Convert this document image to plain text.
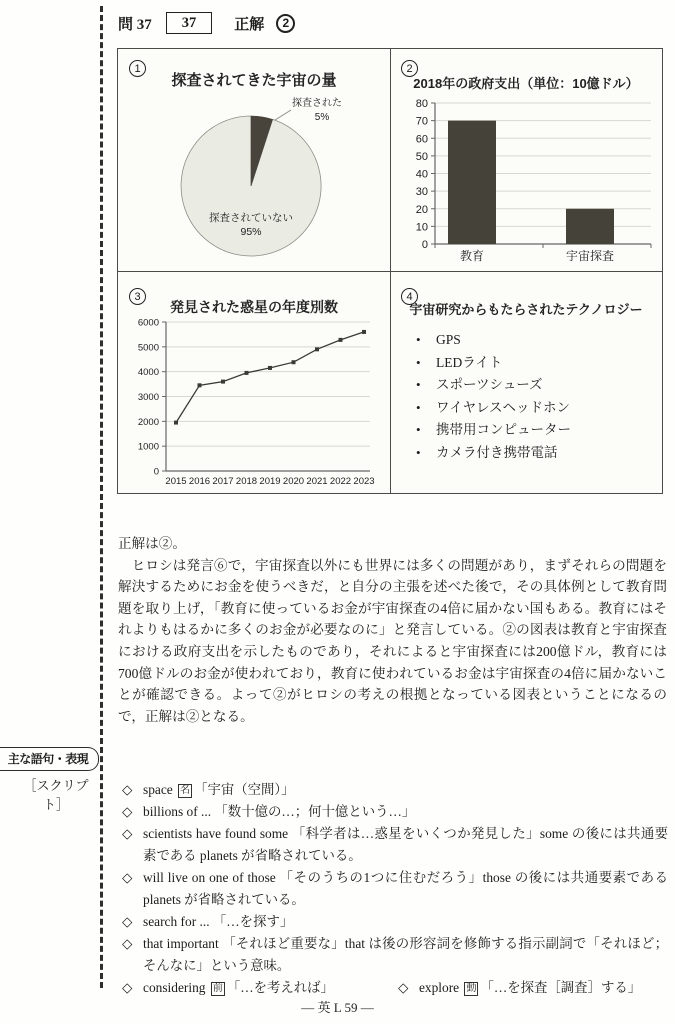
問 37	37	正解	2
1
探査されてきた宇宙の量
探査された
5%
探査されていない
95%
2
2018年の政府支出（単位：10億ドル）
0
10
20
30
40
50
60
70
80
教育	宇宙探査
3
発見された惑星の年度別数
0
1000
2000
3000
4000
5000
6000
2015 2016 2017 2018 2019 2020 2021 2022 2023
4
宇宙研究からもたらされたテクノロジー
• GPS
• LEDライト
• スポーツシューズ
• ワイヤレスヘッドホン
• 携帯用コンピューター
• カメラ付き携帯電話

正解は②。

ヒロシは発言⑥で，宇宙探査以外にも世界には多くの問題があり，まずそれらの問題を解決するためにお金を使うべきだ，と自分の主張を述べた後で，その具体例として教育問題を取り上げ，「教育に使っているお金が宇宙探査の4倍に届かない国もある。教育にはそれよりもはるかに多くのお金が必要なのに」と発言している。②の図表は教育と宇宙探査における政府支出を示したものであり，それによると宇宙探査には200億ドル，教育には700億ドルのお金が使われており，教育に使われているお金は宇宙探査の4倍に届かないことが確認できる。よって②がヒロシの考えの根拠となっている図表ということになるので，正解は②となる。

主な語句・表現
［スクリプト］
◇ space 名 「宇宙（空間）」
◇ billions of ... 「数十億の…；何十億という…」
◇ scientists have found some 「科学者は…惑星をいくつか発見した」some の後には共通要素である planets が省略されている。
◇ will live on one of those 「そのうちの1つに住むだろう」those の後には共通要素である planets が省略されている。
◇ search for ... 「…を探す」
◇ that important 「それほど重要な」that は後の形容詞を修飾する指示副詞で「それほど；そんなに」という意味。
◇ considering 前 「…を考えれば」	◇ explore 動 「…を探査［調査］する」
― 英 L 59 ―
